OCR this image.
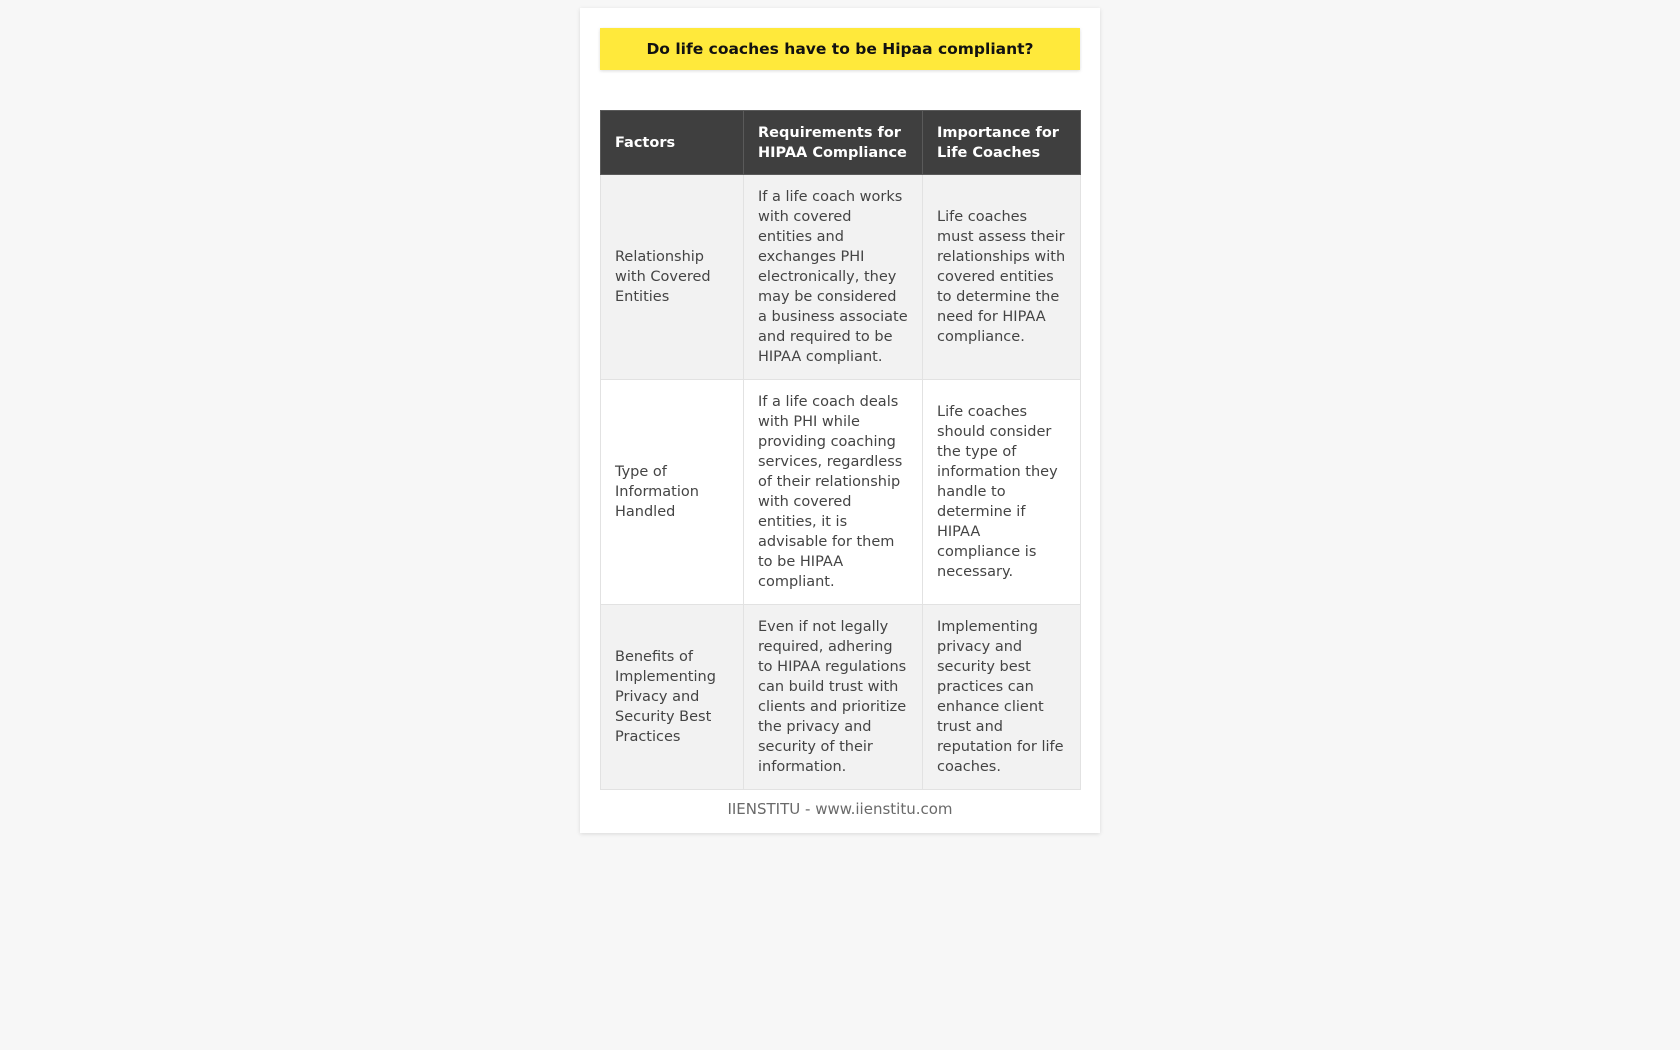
Do life coaches have to be Hipaa compliant?
Factors	Requirements for HIPAA Compliance	Importance for Life Coaches
Relationship with Covered Entities	If a life coach works with covered entities and exchanges PHI electronically, they may be considered a business associate and required to be HIPAA compliant.	Life coaches must assess their relationships with covered entities to determine the need for HIPAA compliance.
Type of Information Handled	If a life coach deals with PHI while providing coaching services, regardless of their relationship with covered entities, it is advisable for them to be HIPAA compliant.	Life coaches should consider the type of information they handle to determine if HIPAA compliance is necessary.
Benefits of Implementing Privacy and Security Best Practices	Even if not legally required, adhering to HIPAA regulations can build trust with clients and prioritize the privacy and security of their information.	Implementing privacy and security best practices can enhance client trust and reputation for life coaches.
IIENSTITU - www.iienstitu.com
